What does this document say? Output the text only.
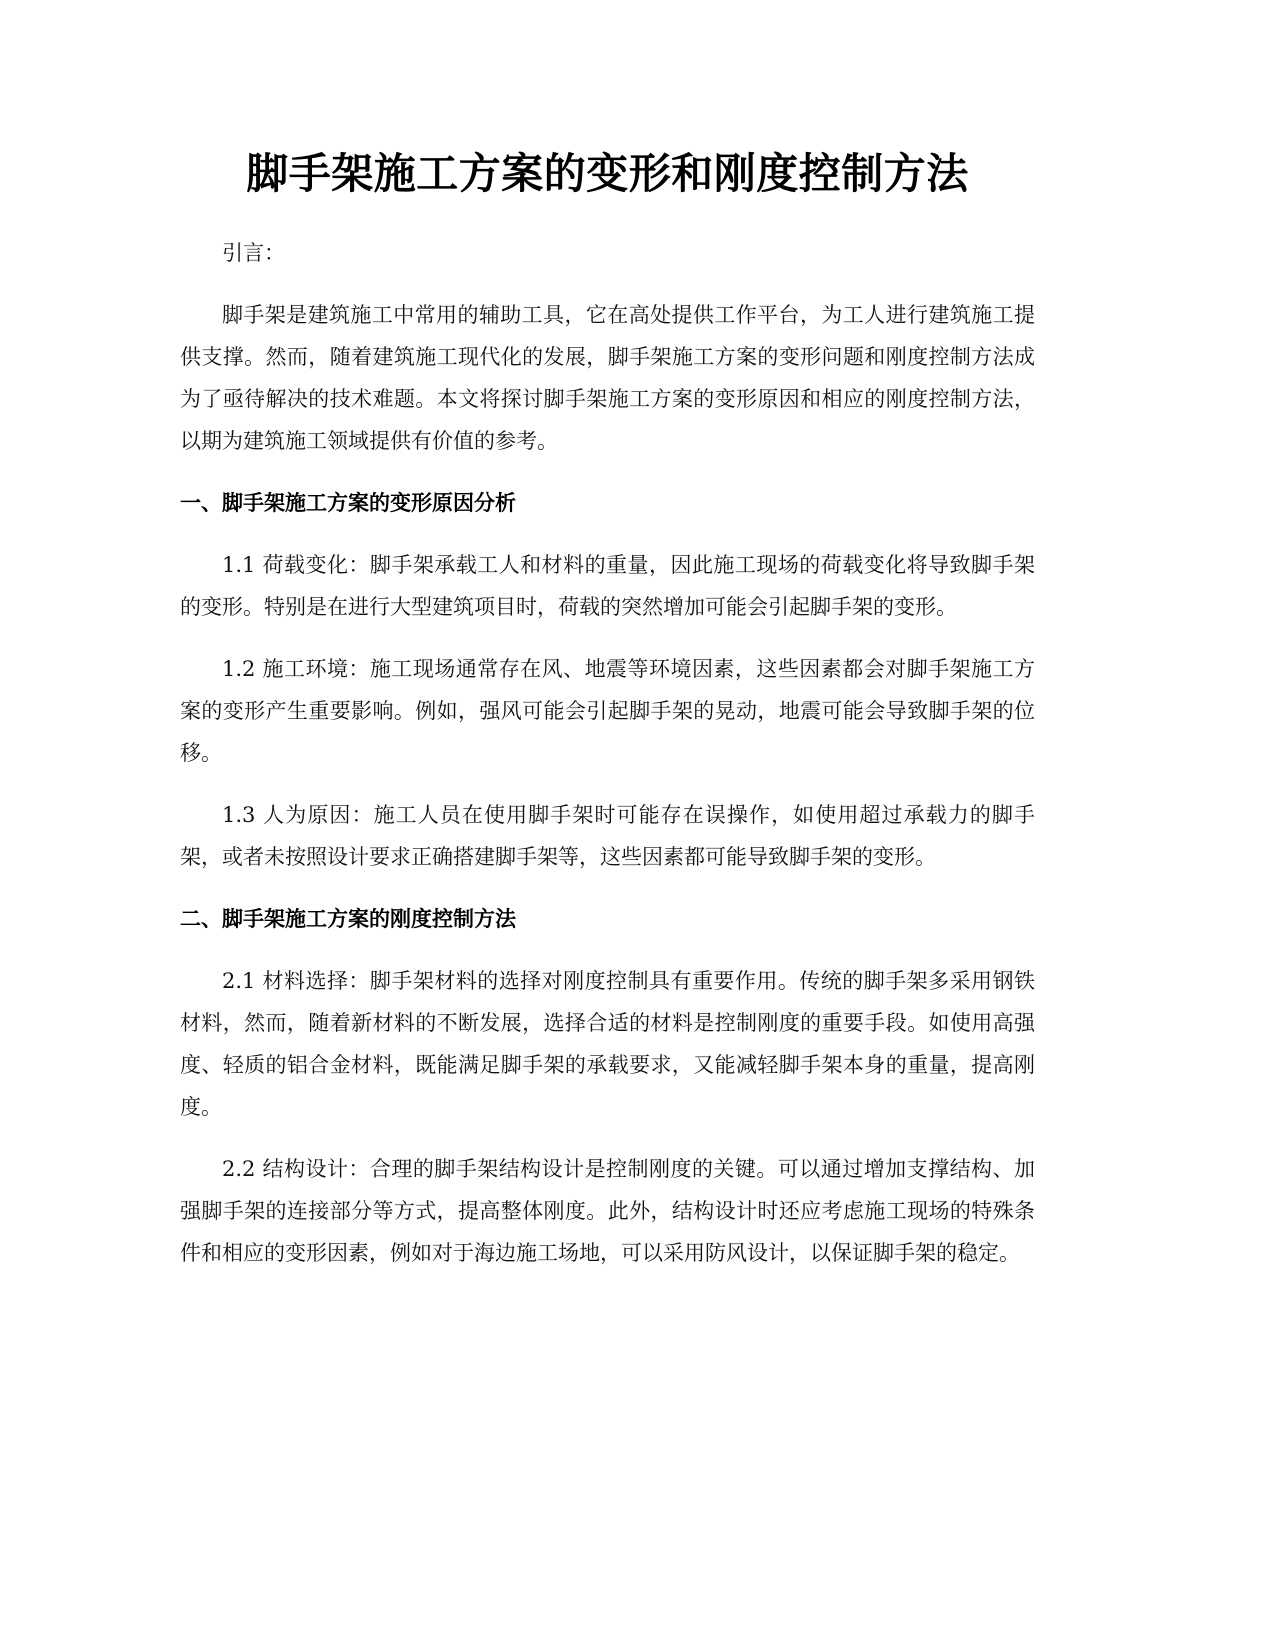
脚手架施工方案的变形和刚度控制方法

引言：

脚手架是建筑施工中常用的辅助工具，它在高处提供工作平台，为工人进行建筑施工提供支撑。然而，随着建筑施工现代化的发展，脚手架施工方案的变形问题和刚度控制方法成为了亟待解决的技术难题。本文将探讨脚手架施工方案的变形原因和相应的刚度控制方法，以期为建筑施工领域提供有价值的参考。

一、脚手架施工方案的变形原因分析

1.1 荷载变化：脚手架承载工人和材料的重量，因此施工现场的荷载变化将导致脚手架的变形。特别是在进行大型建筑项目时，荷载的突然增加可能会引起脚手架的变形。

1.2 施工环境：施工现场通常存在风、地震等环境因素，这些因素都会对脚手架施工方案的变形产生重要影响。例如，强风可能会引起脚手架的晃动，地震可能会导致脚手架的位移。

1.3 人为原因：施工人员在使用脚手架时可能存在误操作，如使用超过承载力的脚手架，或者未按照设计要求正确搭建脚手架等，这些因素都可能导致脚手架的变形。

二、脚手架施工方案的刚度控制方法

2.1 材料选择：脚手架材料的选择对刚度控制具有重要作用。传统的脚手架多采用钢铁材料，然而，随着新材料的不断发展，选择合适的材料是控制刚度的重要手段。如使用高强度、轻质的铝合金材料，既能满足脚手架的承载要求，又能减轻脚手架本身的重量，提高刚度。

2.2 结构设计：合理的脚手架结构设计是控制刚度的关键。可以通过增加支撑结构、加强脚手架的连接部分等方式，提高整体刚度。此外，结构设计时还应考虑施工现场的特殊条件和相应的变形因素，例如对于海边施工场地，可以采用防风设计，以保证脚手架的稳定。
